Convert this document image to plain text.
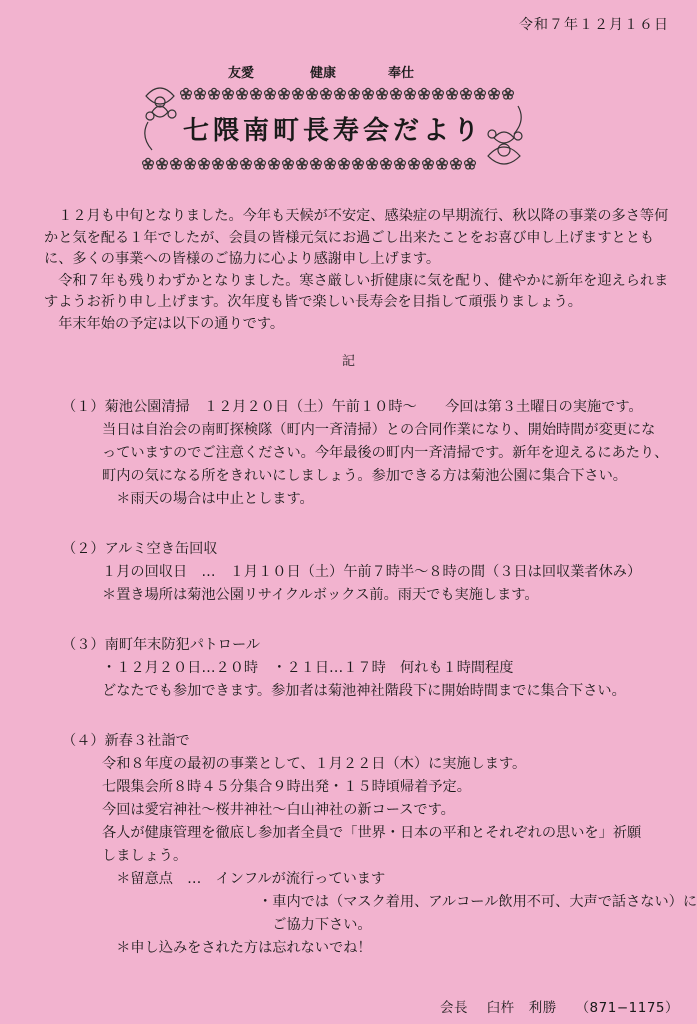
令和７年１２月１６日
友愛	健康	奉仕
七隈南町長寿会だより

　１２月も中旬となりました。今年も天候が不安定、感染症の早期流行、秋以降の事業の多さ等何かと気を配る１年でしたが、会員の皆様元気にお過ごし出来たことをお喜び申し上げますとともに、多くの事業への皆様のご協力に心より感謝申し上げます。

　令和７年も残りわずかとなりました。寒さ厳しい折健康に気を配り、健やかに新年を迎えられますようお祈り申し上げます。次年度も皆で楽しい長寿会を目指して頑張りましょう。

　年末年始の予定は以下の通りです。

記
（１）菊池公園清掃　１２月２０日（土）午前１０時～　　今回は第３土曜日の実施です。
当日は自治会の南町探検隊（町内一斉清掃）との合同作業になり、開始時間が変更にな
っていますのでご注意ください。今年最後の町内一斉清掃です。新年を迎えるにあたり、
町内の気になる所をきれいにしましょう。参加できる方は菊池公園に集合下さい。
　＊雨天の場合は中止とします。
（２）アルミ空き缶回収
１月の回収日　…　１月１０日（土）午前７時半～８時の間（３日は回収業者休み）
＊置き場所は菊池公園リサイクルボックス前。雨天でも実施します。
（３）南町年末防犯パトロール
・１２月２０日…２０時　・２１日…１７時　何れも１時間程度
どなたでも参加できます。参加者は菊池神社階段下に開始時間までに集合下さい。
（４）新春３社詣で
令和８年度の最初の事業として、１月２２日（木）に実施します。
七隈集会所８時４５分集合９時出発・１５時頃帰着予定。
今回は愛宕神社～桜井神社～白山神社の新コースです。
各人が健康管理を徹底し参加者全員で「世界・日本の平和とそれぞれの思いを」祈願
しましょう。
　＊留意点　…　インフルが流行っています
　　　　　　　　　　　・車内では（マスク着用、アルコール飲用不可、大声で話さない）に
　　　　　　　　　　　　ご協力下さい。
　＊申し込みをされた方は忘れないでね！
会長 臼杵　利勝 （871−1175）
